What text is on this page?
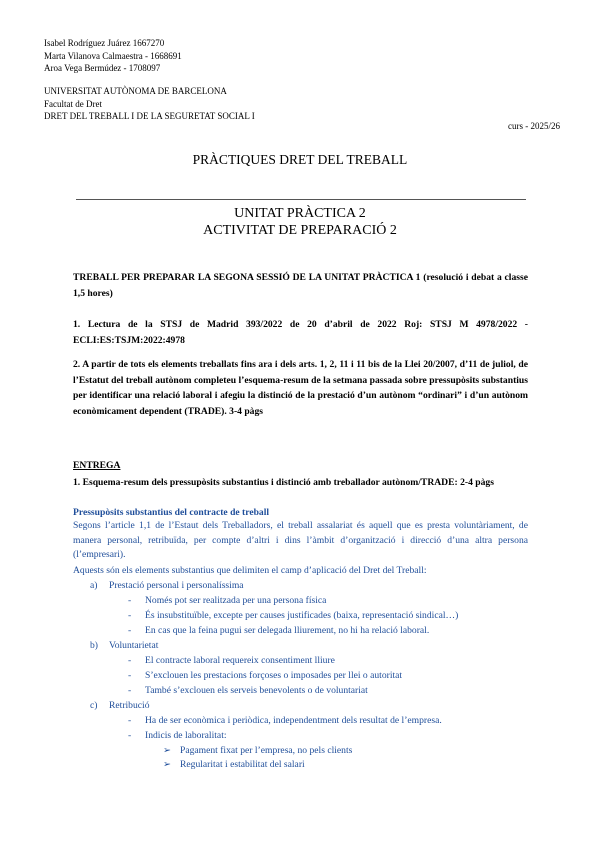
Isabel Rodríguez Juárez 1667270
Marta Vilanova Calmaestra - 1668691
Aroa Vega Bermúdez - 1708097
UNIVERSITAT AUTÒNOMA DE BARCELONA
Facultat de Dret
DRET DEL TREBALL I DE LA SEGURETAT SOCIAL I
curs - 2025/26
PRÀCTIQUES DRET DEL TREBALL
UNITAT PRÀCTICA 2
ACTIVITAT DE PREPARACIÓ 2
TREBALL PER PREPARAR LA SEGONA SESSIÓ DE LA UNITAT PRÀCTICA 1 (resolució i debat a classe 1,5 hores)
1. Lectura de la STSJ de Madrid 393/2022 de 20 d’abril de 2022 Roj: STSJ M 4978/2022 - ECLI:ES:TSJM:2022:4978
2. A partir de tots els elements treballats fins ara i dels arts. 1, 2, 11 i 11 bis de la Llei 20/2007, d’11 de juliol, de l’Estatut del treball autònom completeu l’esquema-resum de la setmana passada sobre pressupòsits substantius per identificar una relació laboral i afegiu la distinció de la prestació d’un autònom “ordinari” i d’un autònom econòmicament dependent (TRADE). 3-4 pàgs
ENTREGA
1. Esquema-resum dels pressupòsits substantius i distinció amb treballador autònom/TRADE: 2-4 pàgs
Pressupòsits substantius del contracte de treball
Segons l’article 1,1 de l’Estaut dels Treballadors, el treball assalariat és aquell que es presta voluntàriament, de manera personal, retribuïda, per compte d’altri i dins l’àmbit d’organització i direcció d’una altra persona (l’empresari).
Aquests són els elements substantius que delimiten el camp d’aplicació del Dret del Treball:
a) Prestació personal i personalíssima
- Només pot ser realitzada per una persona física
- És insubstituïble, excepte per causes justificades (baixa, representació sindical…)
- En cas que la feina pugui ser delegada lliurement, no hi ha relació laboral.
b) Voluntarietat
- El contracte laboral requereix consentiment lliure
- S’exclouen les prestacions forçoses o imposades per llei o autoritat
- També s’exclouen els serveis benevolents o de voluntariat
c) Retribució
- Ha de ser econòmica i periòdica, independentment dels resultat de l’empresa.
- Indicis de laboralitat:
➢ Pagament fixat per l’empresa, no pels clients
➢ Regularitat i estabilitat del salari
